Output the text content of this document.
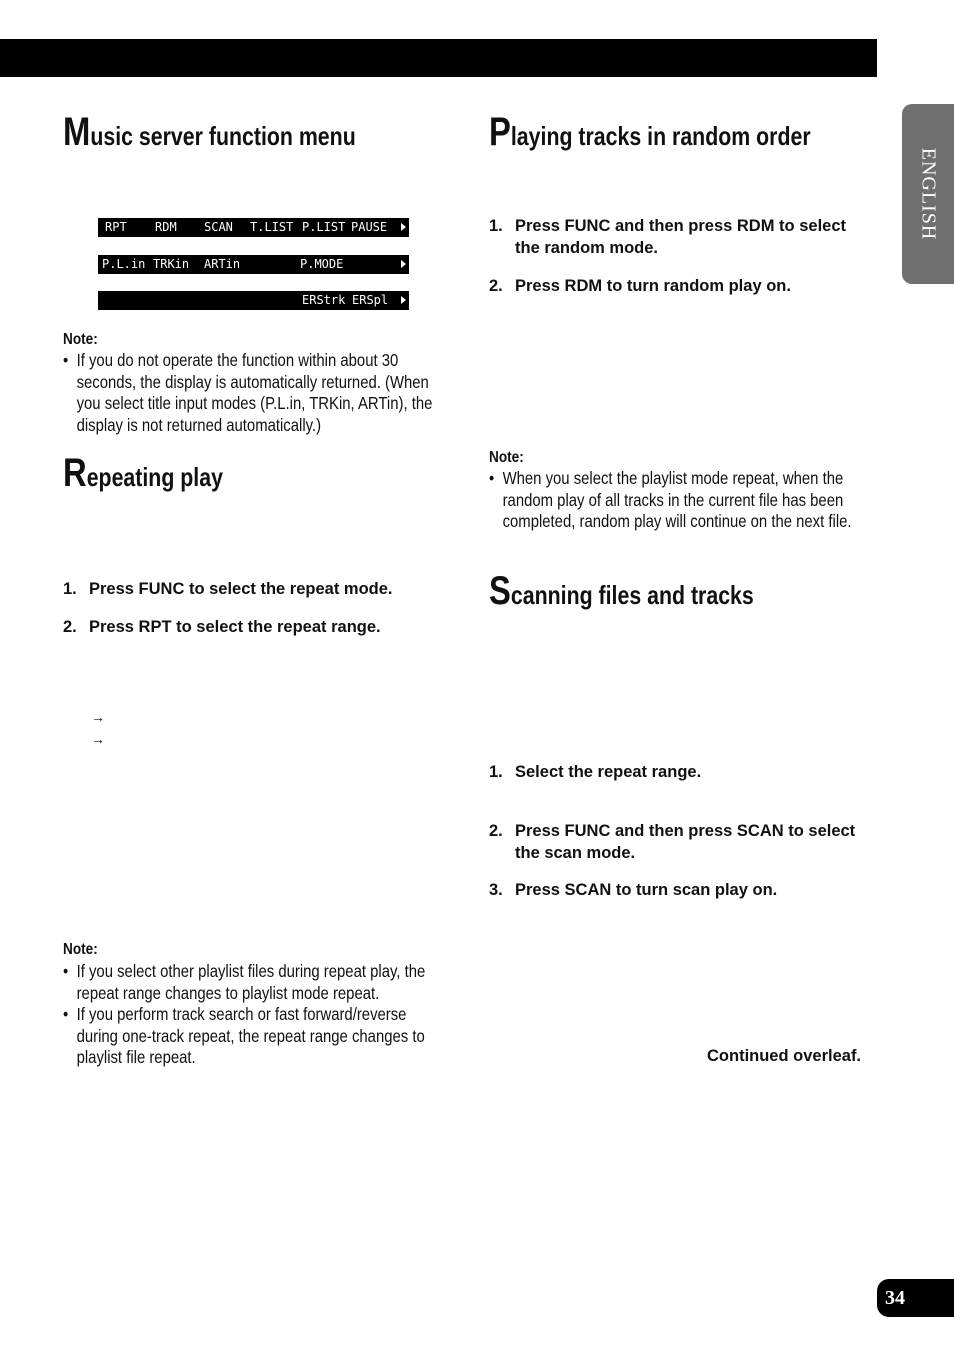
ENGLISH
Music server function menu
RPT RDM SCAN T.LIST P.LIST PAUSE
P.L.in TRKin ARTin	P.MODE
ERStrk ERSpl
Note:
• If you do not operate the function within about 30 seconds, the display is automatically returned. (When you select title input modes (P.L.in, TRKin, ARTin), the display is not returned automatically.)
Repeating play
1. Press FUNC to select the repeat mode.
2. Press RPT to select the repeat range.
→
→
Note:
• If you select other playlist files during repeat play, the repeat range changes to playlist mode repeat.
• If you perform track search or fast forward/reverse during one-track repeat, the repeat range changes to playlist file repeat.
Playing tracks in random order
1. Press FUNC and then press RDM to select the random mode.
2. Press RDM to turn random play on.
Note:
• When you select the playlist mode repeat, when the random play of all tracks in the current file has been completed, random play will continue on the next file.
Scanning files and tracks
1. Select the repeat range.
2. Press FUNC and then press SCAN to select the scan mode.
3. Press SCAN to turn scan play on.
Continued overleaf.
34
